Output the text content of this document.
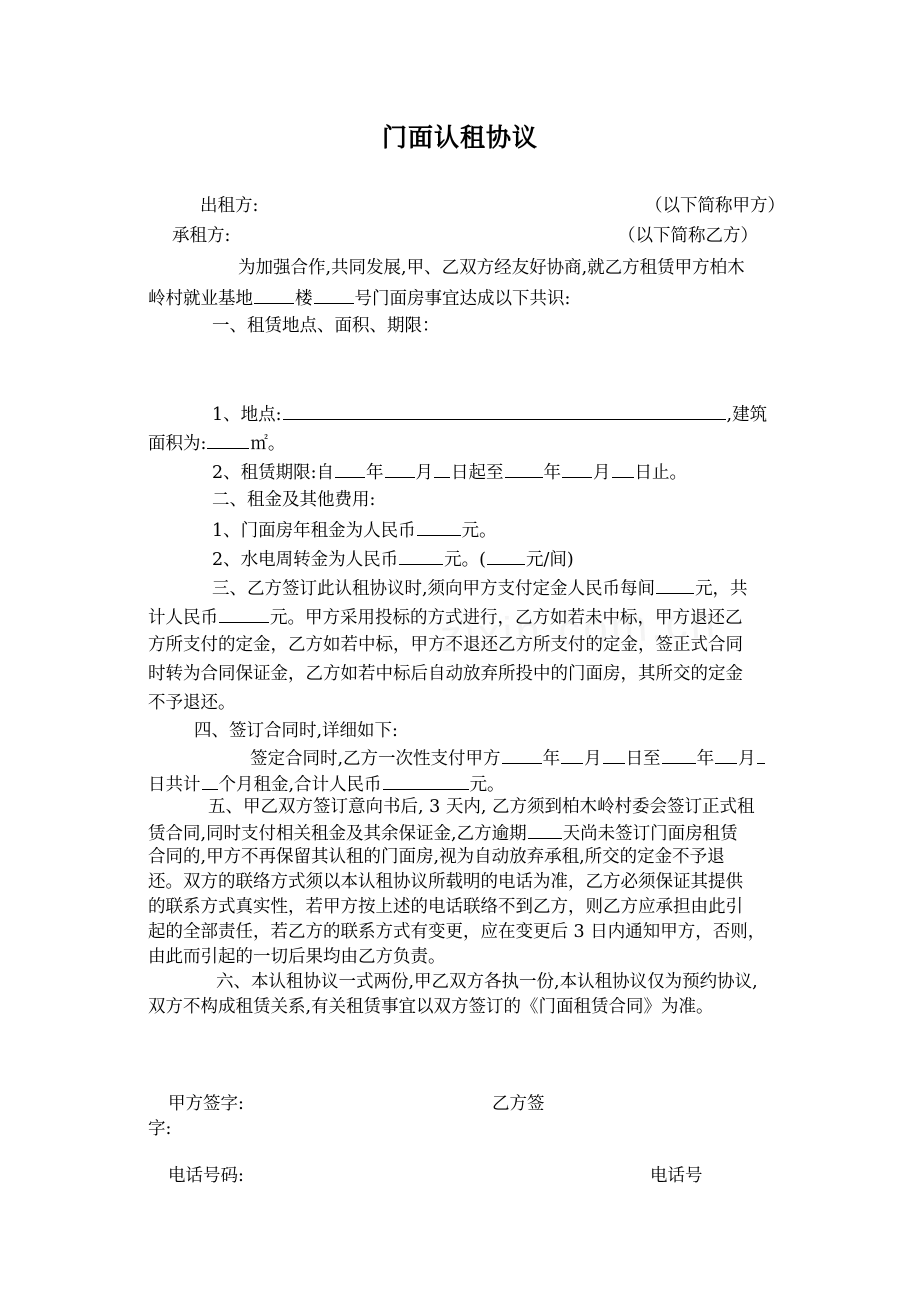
门面认租协议
出租方:	（以下简称甲方）
承租方:	（以下简称乙方）
为加强合作,共同发展,甲、乙双方经友好协商,就乙方租赁甲方柏木
岭村就业基地 楼 号门面房事宜达成以下共识:
一、租赁地点、面积、期限：
1、地点:	,建筑
面积为:	㎡。
2、租赁期限:自 年 月 日起至 年 月 日止。
二、租金及其他费用:
1、门面房年租金为人民币	元。
2、水电周转金为人民币	元。( 元/间)
三、乙方签订此认租协议时,须向甲方支付定金人民币每间 元，共
计人民币	元。甲方采用投标的方式进行，乙方如若未中标，甲方退还乙
方所支付的定金，乙方如若中标，甲方不退还乙方所支付的定金，签正式合同
时转为合同保证金，乙方如若中标后自动放弃所投中的门面房，其所交的定金
不予退还。
四、签订合同时,详细如下:
签定合同时,乙方一次性支付甲方 年 月 日至 年 月
日共计 个月租金,合计人民币	元。
五、甲乙双方签订意向书后, 3 天内, 乙方须到柏木岭村委会签订正式租
赁合同,同时支付相关租金及其余保证金,乙方逾期 天尚未签订门面房租赁
合同的,甲方不再保留其认租的门面房,视为自动放弃承租,所交的定金不予退
还。双方的联络方式须以本认租协议所载明的电话为准，乙方必须保证其提供
的联系方式真实性，若甲方按上述的电话联络不到乙方，则乙方应承担由此引
起的全部责任，若乙方的联系方式有变更，应在变更后 3 日内通知甲方，否则，
由此而引起的一切后果均由乙方负责。
六、本认租协议一式两份,甲乙双方各执一份,本认租协议仅为预约协议,
双方不构成租赁关系,有关租赁事宜以双方签订的《门面租赁合同》为准。
甲方签字:	乙方签
字:
电话号码:	电话号
